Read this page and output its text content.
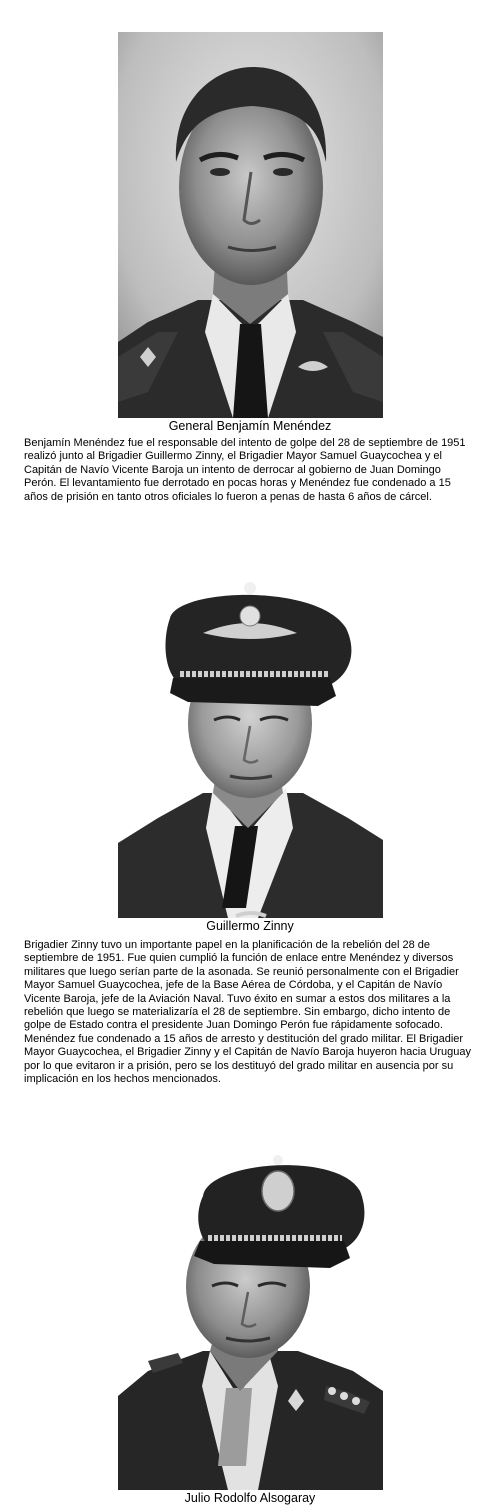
General Benjamín Menéndez
Benjamín Menéndez fue el responsable del intento de golpe del 28 de septiembre de 1951 realizó junto al Brigadier Guillermo Zinny, el Brigadier Mayor Samuel Guaycochea y el Capitán de Navío Vicente Baroja un intento de derrocar al gobierno de Juan Domingo Perón. El levantamiento fue derrotado en pocas horas y Menéndez fue condenado a 15 años de prisión en tanto otros oficiales lo fueron a penas de hasta 6 años de cárcel.
Guillermo Zinny
Brigadier Zinny tuvo un importante papel en la planificación de la rebelión del 28 de septiembre de 1951. Fue quien cumplió la función de enlace entre Menéndez y diversos militares que luego serían parte de la asonada. Se reunió personalmente con el Brigadier Mayor Samuel Guaycochea, jefe de la Base Aérea de Córdoba, y el Capitán de Navío Vicente Baroja, jefe de la Aviación Naval. Tuvo éxito en sumar a estos dos militares a la rebelión que luego se materializaría el 28 de septiembre. Sin embargo, dicho intento de golpe de Estado contra el presidente Juan Domingo Perón fue rápidamente sofocado. Menéndez fue condenado a 15 años de arresto y destitución del grado militar. El Brigadier Mayor Guaycochea, el Brigadier Zinny y el Capitán de Navío Baroja huyeron hacia Uruguay por lo que evitaron ir a prisión, pero se los destituyó del grado militar en ausencia por su implicación en los hechos mencionados.
Julio Rodolfo Alsogaray
